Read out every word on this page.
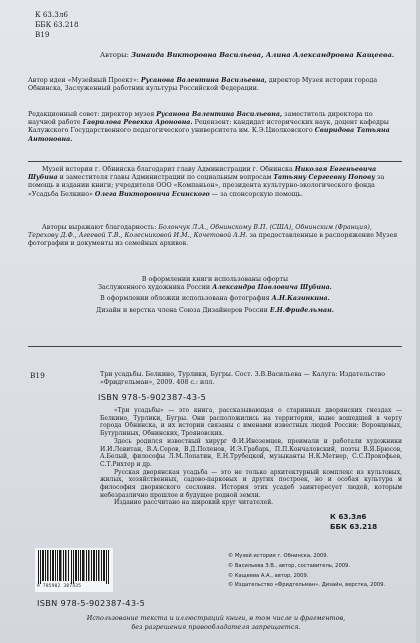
К 63.3л6
ББК 63.218
В19
Авторы: Зинаида Викторовна Васильева, Алина Александровна Кащеева.
Автор идеи «Музейный Проект»: Русанова Валентина Васильевна, директор Музея истории города Обнинска, Заслуженный работник культуры Российской Федерации.
Редакционный совет: директор музея Русанова Валентина Васильевна, заместитель директора по научной работе Гаврилова Ревекка Ароновна. Рецензент: кандидат исторических наук, доцент кафедры Калужского Государственного педагогического университета им. К.Э.Циолковского Свиридова Татьяна Антоновна.
Музей истории г. Обнинска благодарит главу Администрации г. Обнинска Николая Евгеньевича Шубина и заместителя главы Администрации по социальным вопросам Татьяну Сергеевну Попову за помощь в издании книги; учредителя ООО «Компаньон», президента культурно-экологического фонда «Усадьба Белкино» Олега Викторовича Есинского — за спонсорскую помощь.
Авторы выражают благодарность: Болончук Л.А., Обнинскому В.П. (США), Обнинским (Франция), Терехову Д.Ф., Агеевой Т.В., Колесниковой И.М., Кочетовой А.Н. за предоставленные в распоряжение Музея фотографии и документы из семейных архивов.
В оформлении книги использованы офорты
Заслуженного художника России Александра Павловича Шубина.
В оформлении обложки использована фотография А.Н.Казинкина.
Дизайн и верстка члена Союза Дизайнеров России Е.Н.Фридельман.
В19	Три усадьбы. Белкино, Турлики, Бугры. Сост. З.В.Васильева — Калуга: Издательство «Фридгельман», 2009. 408 с.: илл.
ISBN 978-5-902387-43-5

«Три усадьбы» — это книга, рассказывающая о старинных дворянских гнездах — Белкино, Турлики, Бугры. Они расположились на территории, ныне вошедшей в черту города Обнинска, и их истории связаны с именами известных людей России: Воронцовых, Бутурлиных, Обнинских, Трояновских.

Здесь родился известный хирург Ф.И.Иноземцев, преимали и работали художники И.И.Левитан, В.А.Серов, В.Д.Поленов, И.Э.Грабарь, П.П.Кончаловский, поэты В.Я.Брюсов, А.Белый, философы Л.М.Лопатин, Е.Н.Трубецкой, музыканты Н.К.Метнер, С.С.Прокофьев, С.Т.Рихтер и др.

Русская дворянская усадьба — это не только архитектурный комплекс из культовых, жилых, хозяйственных, садово-парковых и других построек, но и особая культура и философия дворянского сословия. История этих усадеб заинтересует людей, которым небезразлично прошлое и будущее родной земли.

Издание рассчитано на широкий круг читателей.

К 63.3л6
ББК 63.218
9 785902 387435
© Музей истории г. Обнинска, 2009.
© Васильева З.В., автор, составитель, 2009.
© Кащеева А.А., автор, 2009.
© Издательство «Фридгельман». Дизайн, верстка, 2009.
ISBN 978-5-902387-43-5
Использование текста и иллюстраций книги, в том числе и фрагментов,
без разрешения правообладателя запрещается.
